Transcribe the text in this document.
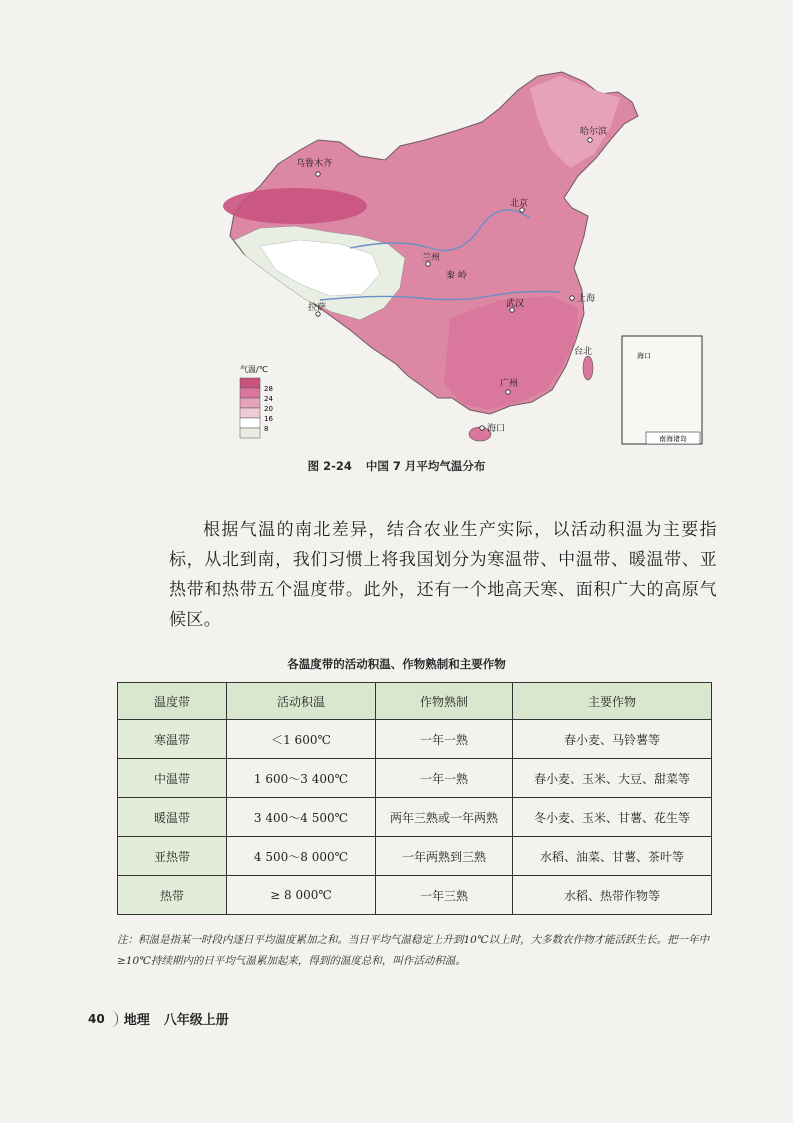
南海诸岛
海口
乌鲁木齐
哈尔滨
北京
兰州
秦 岭
上海
武汉
拉萨
台北
广州
海口
气温/℃
28
24
20
16
8
图 2-24 中国 7 月平均气温分布

根据气温的南北差异，结合农业生产实际，以活动积温为主要指标，从北到南，我们习惯上将我国划分为寒温带、中温带、暖温带、亚热带和热带五个温度带。此外，还有一个地高天寒、面积广大的高原气候区。

各温度带的活动积温、作物熟制和主要作物
温度带	活动积温	作物熟制	主要作物
寒温带	＜1 600℃	一年一熟	春小麦、马铃薯等
中温带	1 600～3 400℃	一年一熟	春小麦、玉米、大豆、甜菜等
暖温带	3 400～4 500℃	两年三熟或一年两熟	冬小麦、玉米、甘薯、花生等
亚热带	4 500～8 000℃	一年两熟到三熟	水稻、油菜、甘薯、茶叶等
热带	≥ 8 000℃	一年三熟	水稻、热带作物等
注：积温是指某一时段内逐日平均温度累加之和。当日平均气温稳定上升到10℃以上时，大多数农作物才能活跃生长。把一年中≥10℃持续期内的日平均气温累加起来，得到的温度总和，叫作活动积温。
40 地理 八年级上册
